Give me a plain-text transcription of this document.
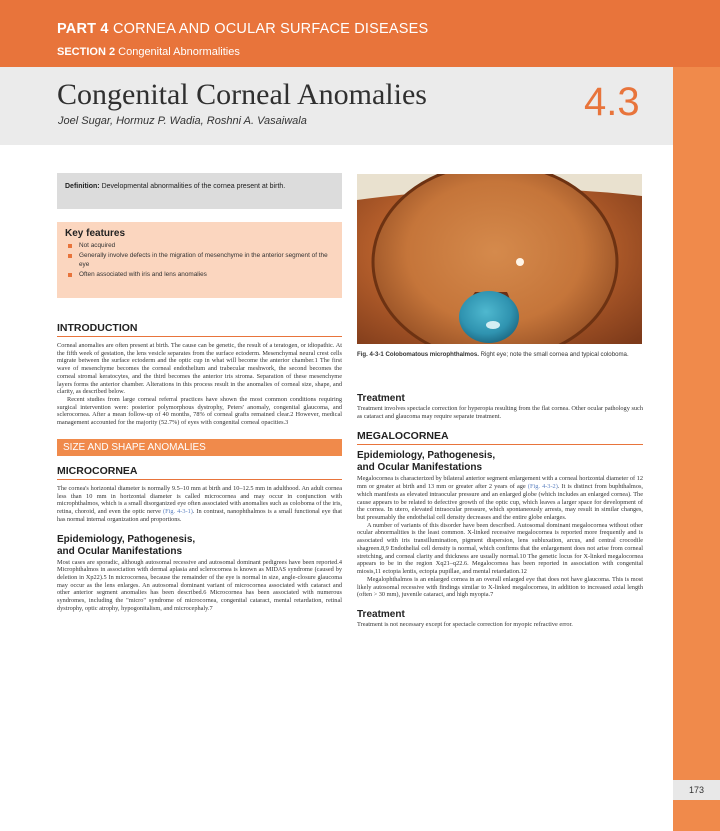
PART 4 CORNEA AND OCULAR SURFACE DISEASES
SECTION 2 Congenital Abnormalities
Congenital Corneal Anomalies
Joel Sugar, Hormuz P. Wadia, Roshni A. Vasaiwala	4.3
173
Definition: Developmental abnormalities of the cornea present at birth.
Key features
Not acquired
Generally involve defects in the migration of mesenchyme in the anterior segment of the eye
Often associated with iris and lens anomalies
INTRODUCTION

Corneal anomalies are often present at birth. The cause can be genetic, the result of a teratogen, or idiopathic. At the fifth week of gestation, the lens vesicle separates from the surface ectoderm. Mesenchymal neural crest cells migrate between the surface ectoderm and the optic cup in what will become the anterior chamber.1 The first wave of mesenchyme becomes the corneal endothelium and trabecular meshwork, the second becomes the corneal stromal keratocytes, and the third becomes the anterior iris stroma. Separation of these mesenchyme layers forms the anterior chamber. Alterations in this process result in the anomalies of corneal size, shape, and clarity, as described below.

Recent studies from large corneal referral practices have shown the most common conditions requiring surgical intervention were: posterior polymorphous dystrophy, Peters' anomaly, congenital glaucoma, and sclerocornea. After a mean follow-up of 40 months, 78% of corneal grafts remained clear.2 However, medical management accounted for the majority (52.7%) of eyes with congenital corneal opacities.3

SIZE AND SHAPE ANOMALIES
MICROCORNEA

The cornea's horizontal diameter is normally 9.5–10 mm at birth and 10–12.5 mm in adulthood. An adult cornea less than 10 mm in horizontal diameter is called microcornea and may occur in conjunction with microphthalmos, which is a small disorganized eye often associated with anomalies such as coloboma of the iris, retina, choroid, and even the optic nerve (Fig. 4-3-1). In contrast, nanophthalmos is a small functional eye that has normal internal organization and proportions.

Epidemiology, Pathogenesis,
and Ocular Manifestations

Most cases are sporadic, although autosomal recessive and autosomal dominant pedigrees have been reported.4 Microphthalmos in association with dermal aplasia and sclerocornea is known as MIDAS syndrome (caused by deletion in Xp22).5 In microcornea, because the remainder of the eye is normal in size, angle-closure glaucoma may occur as the lens enlarges. An autosomal dominant variant of microcornea associated with cataract and other anterior segment anomalies has been described.6 Microcornea has been associated with numerous syndromes, including the "micro" syndrome of microcornea, congenital cataract, mental retardation, retinal dystrophy, optic atrophy, hypogonitalism, and microcephaly.7

Fig. 4-3-1 Colobomatous microphthalmos. Right eye; note the small cornea and typical coloboma.
Treatment

Treatment involves spectacle correction for hyperopia resulting from the flat cornea. Other ocular pathology such as cataract and glaucoma may require separate treatment.

MEGALOCORNEA
Epidemiology, Pathogenesis,
and Ocular Manifestations

Megalocornea is characterized by bilateral anterior segment enlargement with a corneal horizontal diameter of 12 mm or greater at birth and 13 mm or greater after 2 years of age (Fig. 4-3-2). It is distinct from buphthalmos, which manifests as elevated intraocular pressure and an enlarged globe (which includes an enlarged cornea). The cause appears to be related to defective growth of the optic cup, which leaves a larger space for development of the cornea. In utero, elevated intraocular pressure, which spontaneously arrests, may result in similar changes, but presumably the endothelial cell density decreases and the entire globe enlarges.

A number of variants of this disorder have been described. Autosomal dominant megalocornea without other ocular abnormalities is the least common. X-linked recessive megalocornea is reported more frequently and is associated with iris transillumination, pigment dispersion, lens subluxation, arcus, and central crocodile shagreen.8,9 Endothelial cell density is normal, which confirms that the enlargement does not arise from corneal stretching, and corneal clarity and thickness are usually normal.10 The genetic locus for X-linked megalocornea appears to be in the region Xq21–q22.6. Megalocornea has been reported in association with congenital miosis,11 ectopia lentis, ectopia pupillae, and mental retardation.12

Megalophthalmos is an enlarged cornea in an overall enlarged eye that does not have glaucoma. This is most likely autosomal recessive with findings similar to X-linked megalocornea, in addition to increased axial length (often > 30 mm), juvenile cataract, and high myopia.7

Treatment

Treatment is not necessary except for spectacle correction for myopic refractive error.
